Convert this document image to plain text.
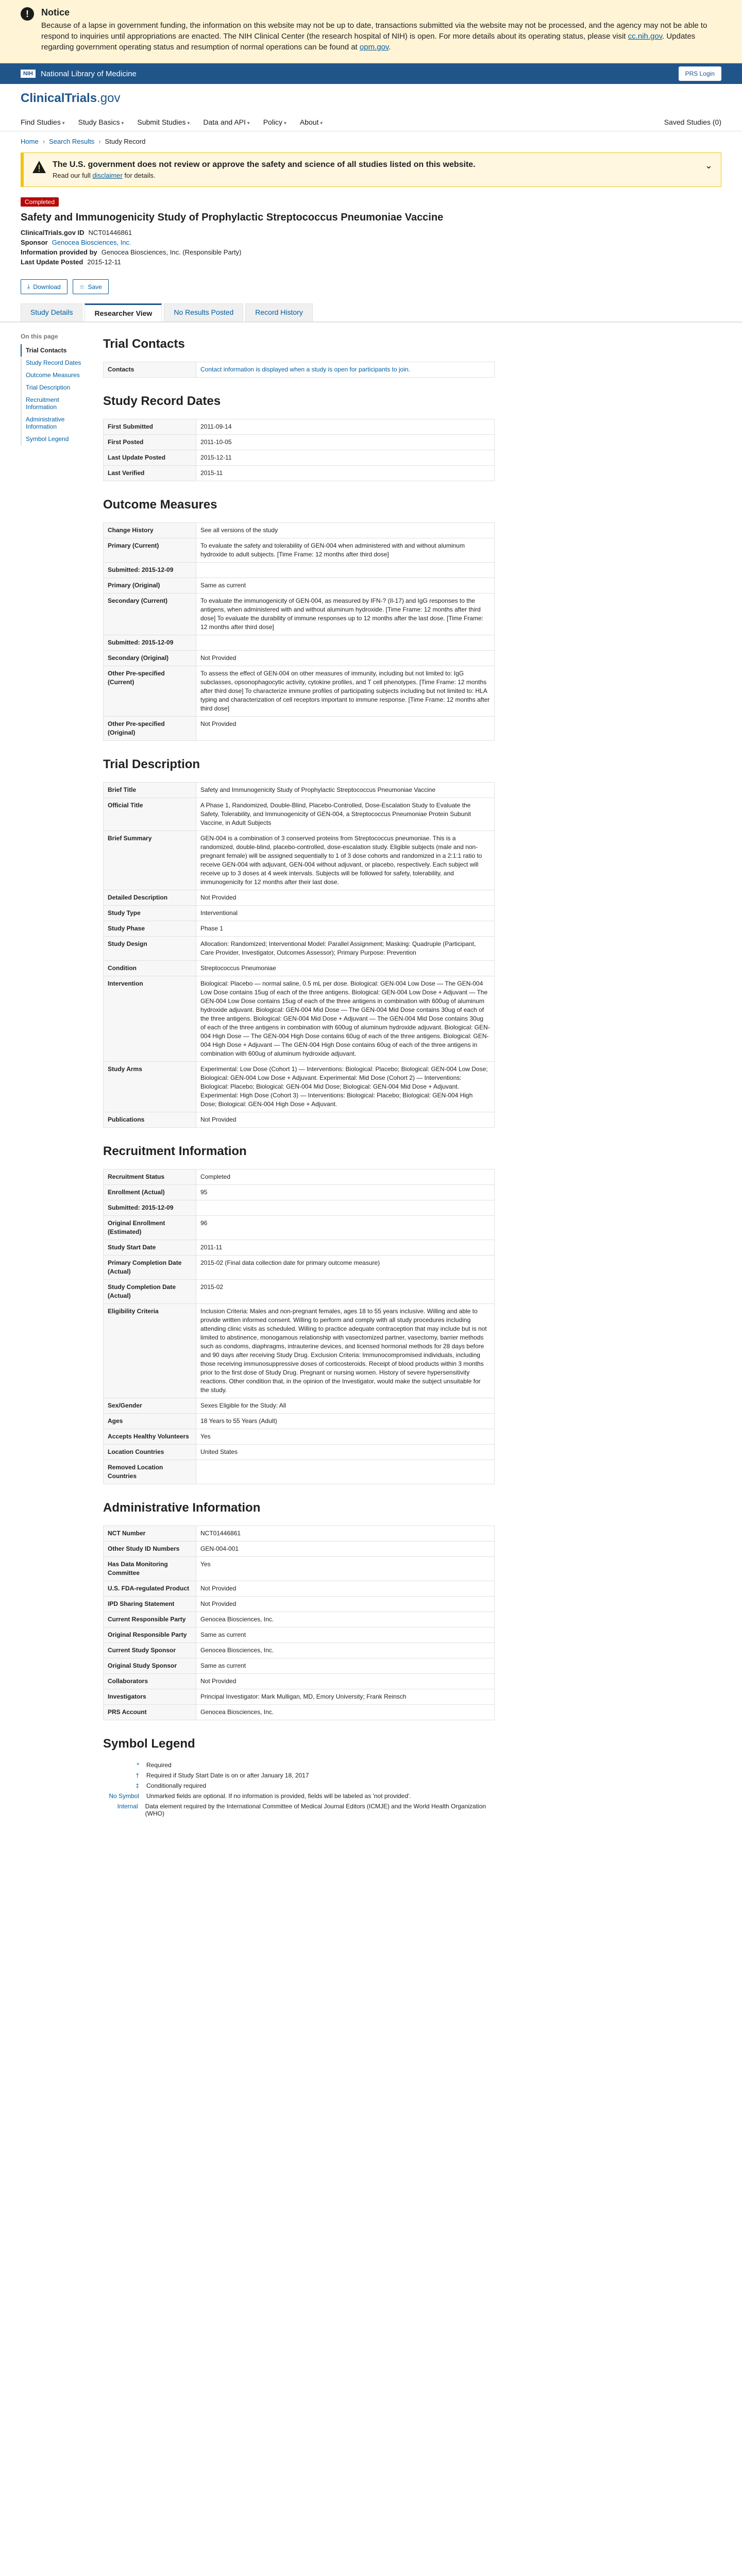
!	Notice

Because of a lapse in government funding, the information on this website may not be up to date, transactions submitted via the website may not be processed, and the agency may not be able to respond to inquiries until appropriations are enacted. The NIH Clinical Center (the research hospital of NIH) is open. For more details about its operating status, please visit cc.nih.gov. Updates regarding government operating status and resumption of normal operations can be found at opm.gov.

NIH	National Library of Medicine	PRS Login
ClinicalTrials.gov
Find Studies ▾	Study Basics ▾	Submit Studies ▾	Data and API ▾	Policy ▾	About ▾	Saved Studies (0)
Home › Search Results › Study Record
The U.S. government does not review or approve the safety and science of all studies listed on this website.

Read our full disclaimer for details.

⌄
Completed
Safety and Immunogenicity Study of Prophylactic Streptococcus Pneumoniae Vaccine
ClinicalTrials.gov ID NCT01446861
Sponsor Genocea Biosciences, Inc.
Information provided by Genocea Biosciences, Inc. (Responsible Party)
Last Update Posted 2015-12-11
⤓ Download	☆ Save
Study Details	Researcher View	No Results Posted	Record History
On this page
Trial Contacts
Study Record Dates
Outcome Measures
Trial Description
Recruitment Information
Administrative Information
Symbol Legend
Trial Contacts
Contacts	Contact information is displayed when a study is open for participants to join.
Study Record Dates
First Submitted	2011-09-14
First Posted	2011-10-05
Last Update Posted	2015-12-11
Last Verified	2015-11
Outcome Measures
Change History	See all versions of the study
Primary (Current)	To evaluate the safety and tolerability of GEN-004 when administered with and without aluminum hydroxide to adult subjects. [Time Frame: 12 months after third dose]
Submitted: 2015-12-09	
Primary (Original)	Same as current
Secondary (Current)	To evaluate the immunogenicity of GEN-004, as measured by IFN-? (Il-17) and IgG responses to the antigens, when administered with and without aluminum hydroxide. [Time Frame: 12 months after third dose] To evaluate the durability of immune responses up to 12 months after the last dose. [Time Frame: 12 months after third dose]
Submitted: 2015-12-09	
Secondary (Original)	Not Provided
Other Pre-specified (Current)	To assess the effect of GEN-004 on other measures of immunity, including but not limited to: IgG subclasses, opsonophagocytic activity, cytokine profiles, and T cell phenotypes. [Time Frame: 12 months after third dose] To characterize immune profiles of participating subjects including but not limited to: HLA typing and characterization of cell receptors important to immune response. [Time Frame: 12 months after third dose]
Other Pre-specified (Original)	Not Provided
Trial Description
Brief Title	Safety and Immunogenicity Study of Prophylactic Streptococcus Pneumoniae Vaccine
Official Title	A Phase 1, Randomized, Double-Blind, Placebo-Controlled, Dose-Escalation Study to Evaluate the Safety, Tolerability, and Immunogenicity of GEN-004, a Streptococcus Pneumoniae Protein Subunit Vaccine, in Adult Subjects
Brief Summary	GEN-004 is a combination of 3 conserved proteins from Streptococcus pneumoniae. This is a randomized, double-blind, placebo-controlled, dose-escalation study. Eligible subjects (male and non-pregnant female) will be assigned sequentially to 1 of 3 dose cohorts and randomized in a 2:1:1 ratio to receive GEN-004 with adjuvant, GEN-004 without adjuvant, or placebo, respectively. Each subject will receive up to 3 doses at 4 week intervals. Subjects will be followed for safety, tolerability, and immunogenicity for 12 months after their last dose.
Detailed Description	Not Provided
Study Type	Interventional
Study Phase	Phase 1
Study Design	Allocation: Randomized; Interventional Model: Parallel Assignment; Masking: Quadruple (Participant, Care Provider, Investigator, Outcomes Assessor); Primary Purpose: Prevention
Condition	Streptococcus Pneumoniae
Intervention	Biological: Placebo — normal saline, 0.5 mL per dose. Biological: GEN-004 Low Dose — The GEN-004 Low Dose contains 15ug of each of the three antigens. Biological: GEN-004 Low Dose + Adjuvant — The GEN-004 Low Dose contains 15ug of each of the three antigens in combination with 600ug of aluminum hydroxide adjuvant. Biological: GEN-004 Mid Dose — The GEN-004 Mid Dose contains 30ug of each of the three antigens. Biological: GEN-004 Mid Dose + Adjuvant — The GEN-004 Mid Dose contains 30ug of each of the three antigens in combination with 600ug of aluminum hydroxide adjuvant. Biological: GEN-004 High Dose — The GEN-004 High Dose contains 60ug of each of the three antigens. Biological: GEN-004 High Dose + Adjuvant — The GEN-004 High Dose contains 60ug of each of the three antigens in combination with 600ug of aluminum hydroxide adjuvant.
Study Arms	Experimental: Low Dose (Cohort 1) — Interventions: Biological: Placebo; Biological: GEN-004 Low Dose; Biological: GEN-004 Low Dose + Adjuvant. Experimental: Mid Dose (Cohort 2) — Interventions: Biological: Placebo; Biological: GEN-004 Mid Dose; Biological: GEN-004 Mid Dose + Adjuvant. Experimental: High Dose (Cohort 3) — Interventions: Biological: Placebo; Biological: GEN-004 High Dose; Biological: GEN-004 High Dose + Adjuvant.
Publications	Not Provided
Recruitment Information
Recruitment Status	Completed
Enrollment (Actual)	95
Submitted: 2015-12-09	
Original Enrollment (Estimated)	96
Study Start Date	2011-11
Primary Completion Date (Actual)	2015-02 (Final data collection date for primary outcome measure)
Study Completion Date (Actual)	2015-02
Eligibility Criteria	Inclusion Criteria: Males and non-pregnant females, ages 18 to 55 years inclusive. Willing and able to provide written informed consent. Willing to perform and comply with all study procedures including attending clinic visits as scheduled. Willing to practice adequate contraception that may include but is not limited to abstinence, monogamous relationship with vasectomized partner, vasectomy, barrier methods such as condoms, diaphragms, intrauterine devices, and licensed hormonal methods for 28 days before and 90 days after receiving Study Drug. Exclusion Criteria: Immunocompromised individuals, including those receiving immunosuppressive doses of corticosteroids. Receipt of blood products within 3 months prior to the first dose of Study Drug. Pregnant or nursing women. History of severe hypersensitivity reactions. Other condition that, in the opinion of the Investigator, would make the subject unsuitable for the study.
Sex/Gender	Sexes Eligible for the Study: All
Ages	18 Years to 55 Years (Adult)
Accepts Healthy Volunteers	Yes
Location Countries	United States
Removed Location Countries	
Administrative Information
NCT Number	NCT01446861
Other Study ID Numbers	GEN-004-001
Has Data Monitoring Committee	Yes
U.S. FDA-regulated Product	Not Provided
IPD Sharing Statement	Not Provided
Current Responsible Party	Genocea Biosciences, Inc.
Original Responsible Party	Same as current
Current Study Sponsor	Genocea Biosciences, Inc.
Original Study Sponsor	Same as current
Collaborators	Not Provided
Investigators	Principal Investigator: Mark Mulligan, MD, Emory University; Frank Reinsch
PRS Account	Genocea Biosciences, Inc.
Symbol Legend
* Required
† Required if Study Start Date is on or after January 18, 2017
‡ Conditionally required
No Symbol Unmarked fields are optional. If no information is provided, fields will be labeled as 'not provided'.
Internal Data element required by the International Committee of Medical Journal Editors (ICMJE) and the World Health Organization (WHO)
